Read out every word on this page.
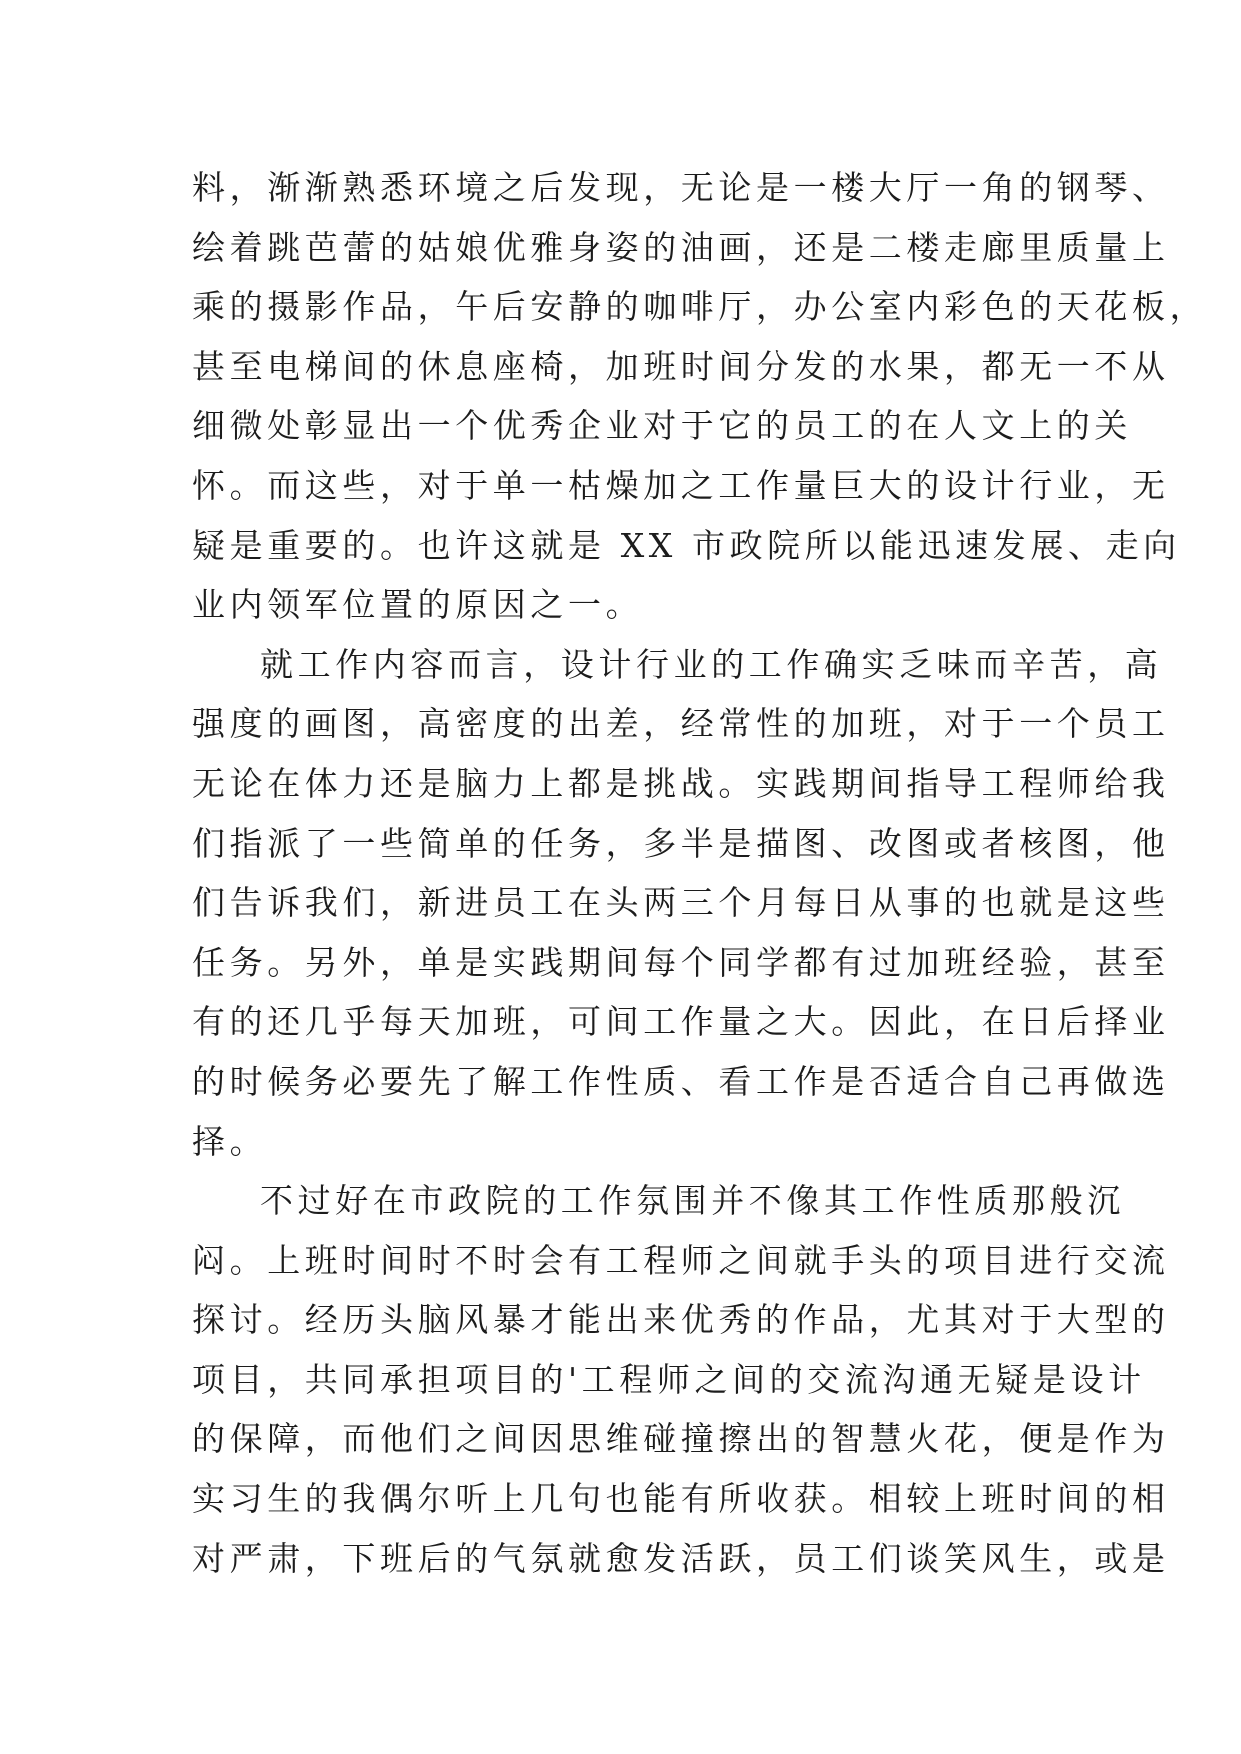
料，渐渐熟悉环境之后发现，无论是一楼大厅一角的钢琴、
绘着跳芭蕾的姑娘优雅身姿的油画，还是二楼走廊里质量上
乘的摄影作品，午后安静的咖啡厅，办公室内彩色的天花板，
甚至电梯间的休息座椅，加班时间分发的水果，都无一不从
细微处彰显出一个优秀企业对于它的员工的在人文上的关
怀。而这些，对于单一枯燥加之工作量巨大的设计行业，无
疑是重要的。也许这就是 XX 市政院所以能迅速发展、走向
业内领军位置的原因之一。
就工作内容而言，设计行业的工作确实乏味而辛苦，高
强度的画图，高密度的出差，经常性的加班，对于一个员工
无论在体力还是脑力上都是挑战。实践期间指导工程师给我
们指派了一些简单的任务，多半是描图、改图或者核图，他
们告诉我们，新进员工在头两三个月每日从事的也就是这些
任务。另外，单是实践期间每个同学都有过加班经验，甚至
有的还几乎每天加班，可间工作量之大。因此，在日后择业
的时候务必要先了解工作性质、看工作是否适合自己再做选
择。
不过好在市政院的工作氛围并不像其工作性质那般沉
闷。上班时间时不时会有工程师之间就手头的项目进行交流
探讨。经历头脑风暴才能出来优秀的作品，尤其对于大型的
项目，共同承担项目的'工程师之间的交流沟通无疑是设计
的保障，而他们之间因思维碰撞擦出的智慧火花，便是作为
实习生的我偶尔听上几句也能有所收获。相较上班时间的相
对严肃，下班后的气氛就愈发活跃，员工们谈笑风生，或是
